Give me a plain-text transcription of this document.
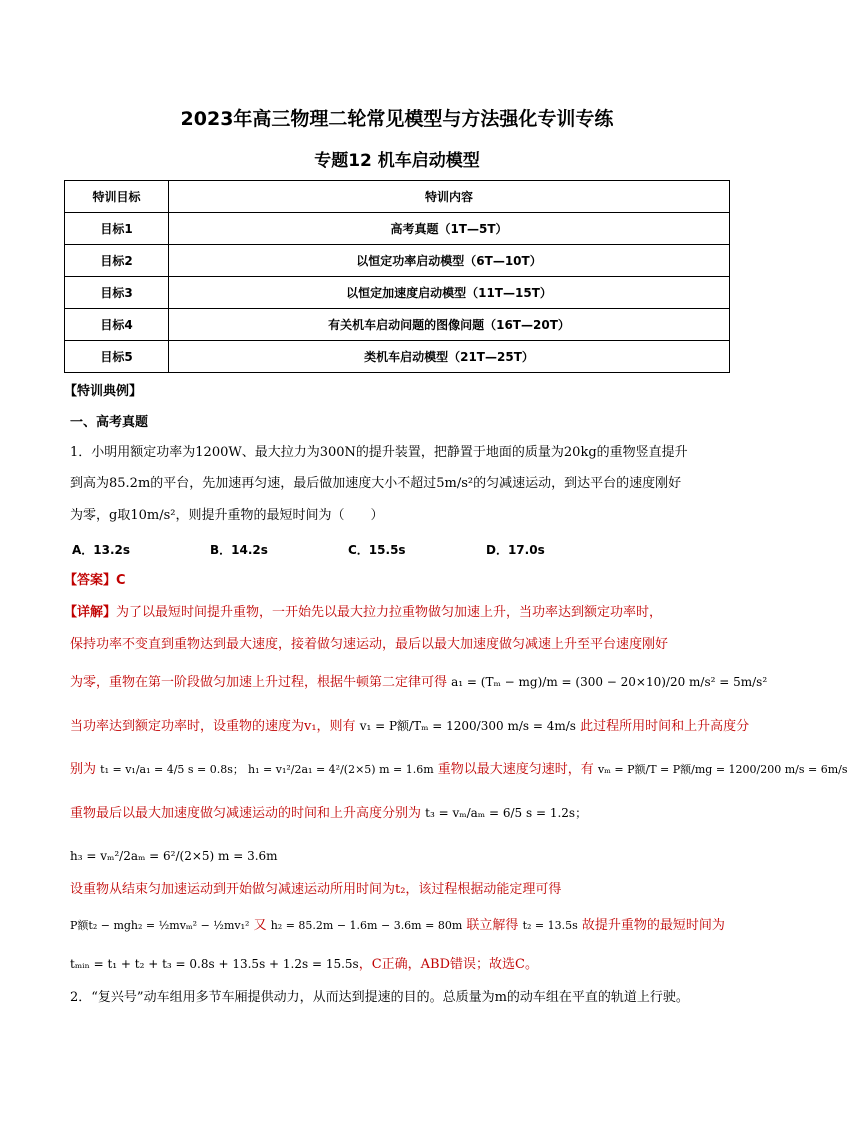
2023年高三物理二轮常见模型与方法强化专训专练
专题12 机车启动模型
特训目标	特训内容
目标1	高考真题（1T—5T）
目标2	以恒定功率启动模型（6T—10T）
目标3	以恒定加速度启动模型（11T—15T）
目标4	有关机车启动问题的图像问题（16T—20T）
目标5	类机车启动模型（21T—25T）
【特训典例】
一、高考真题
1．小明用额定功率为1200W、最大拉力为300N的提升装置，把静置于地面的质量为20kg的重物竖直提升
到高为85.2m的平台，先加速再匀速，最后做加速度大小不超过5m/s²的匀减速运动，到达平台的速度刚好
为零，g取10m/s²，则提升重物的最短时间为（　　）
A．13.2s	B．14.2s	C．15.5s	D．17.0s
【答案】C
【详解】为了以最短时间提升重物，一开始先以最大拉力拉重物做匀加速上升，当功率达到额定功率时，
保持功率不变直到重物达到最大速度，接着做匀速运动，最后以最大加速度做匀减速上升至平台速度刚好
为零，重物在第一阶段做匀加速上升过程，根据牛顿第二定律可得 a₁ = (Tₘ − mg)/m = (300 − 20×10)/20 m/s² = 5m/s²
当功率达到额定功率时，设重物的速度为v₁，则有 v₁ = P额/Tₘ = 1200/300 m/s = 4m/s 此过程所用时间和上升高度分
别为 t₁ = v₁/a₁ = 4/5 s = 0.8s； h₁ = v₁²/2a₁ = 4²/(2×5) m = 1.6m 重物以最大速度匀速时，有 vₘ = P额/T = P额/mg = 1200/200 m/s = 6m/s
重物最后以最大加速度做匀减速运动的时间和上升高度分别为 t₃ = vₘ/aₘ = 6/5 s = 1.2s；
h₃ = vₘ²/2aₘ = 6²/(2×5) m = 3.6m
设重物从结束匀加速运动到开始做匀减速运动所用时间为t₂，该过程根据动能定理可得
P额t₂ − mgh₂ = ½mvₘ² − ½mv₁² 又 h₂ = 85.2m − 1.6m − 3.6m = 80m 联立解得 t₂ = 13.5s 故提升重物的最短时间为
tₘᵢₙ = t₁ + t₂ + t₃ = 0.8s + 13.5s + 1.2s = 15.5s，C正确，ABD错误；故选C。
2．“复兴号”动车组用多节车厢提供动力，从而达到提速的目的。总质量为m的动车组在平直的轨道上行驶。
